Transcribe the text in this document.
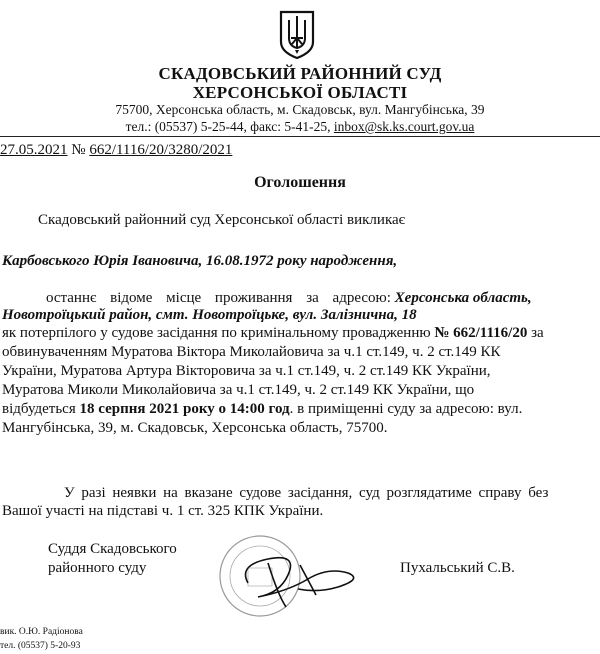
СКАДОВСЬКИЙ РАЙОННИЙ СУД
ХЕРСОНСЬКОЇ ОБЛАСТІ
75700, Херсонська область, м. Скадовськ, вул. Мангубінська, 39
тел.: (05537) 5-25-44, факс: 5-41-25, inbox@sk.ks.court.gov.ua
27.05.2021 № 662/1116/20/3280/2021
Оголошення
Скадовський районний суд Херсонської області викликає
Карбовського Юрія Івановича, 16.08.1972 року народження,
останнє відоме місце проживання за адресою: Херсонська область,
Новотроїцький район, смт. Новотроїцьке, вул. Залізнична, 18
як потерпілого у судове засідання по кримінальному провадженню № 662/1116/20 за
обвинуваченням Муратова Віктора Миколайовича за ч.1 ст.149, ч. 2 ст.149 КК
України, Муратова Артура Вікторовича за ч.1 ст.149, ч. 2 ст.149 КК України,
Муратова Миколи Миколайовича за ч.1 ст.149, ч. 2 ст.149 КК України, що
відбудеться 18 серпня 2021 року о 14:00 год. в приміщенні суду за адресою: вул.
Мангубінська, 39, м. Скадовськ, Херсонська область, 75700.
У разі неявки на вказане судове засідання, суд розглядатиме справу без
Вашої участі на підставі ч. 1 ст. 325 КПК України.
Суддя Скадовського
районного суду	Пухальський С.В.
вик. О.Ю. Радіонова
тел. (05537) 5-20-93
